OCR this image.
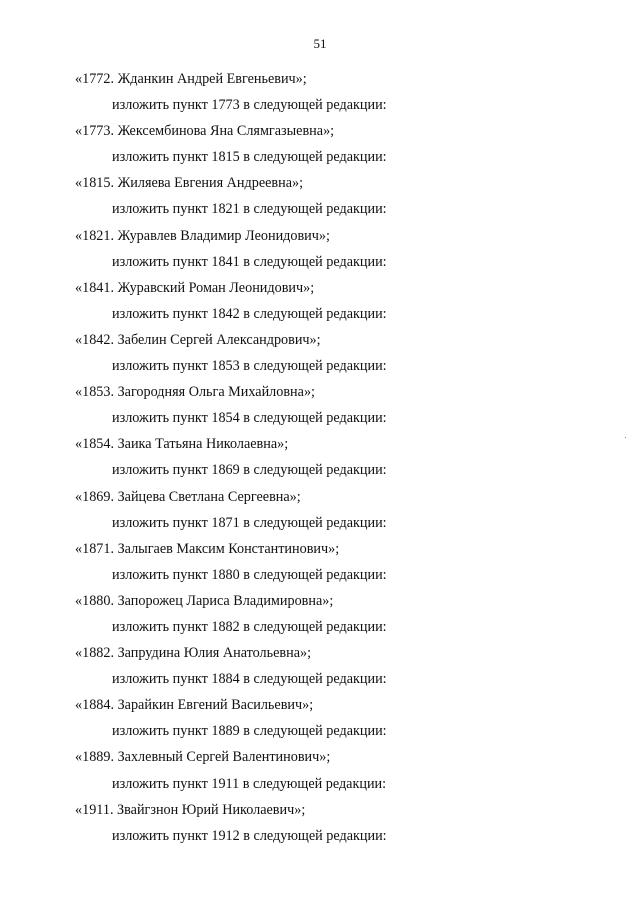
51
«1772. Жданкин Андрей Евгеньевич»;
изложить пункт 1773 в следующей редакции:
«1773. Жексембинова Яна Слямгазыевна»;
изложить пункт 1815 в следующей редакции:
«1815. Жиляева Евгения Андреевна»;
изложить пункт 1821 в следующей редакции:
«1821. Журавлев Владимир Леонидович»;
изложить пункт 1841 в следующей редакции:
«1841. Журавский Роман Леонидович»;
изложить пункт 1842 в следующей редакции:
«1842. Забелин Сергей Александрович»;
изложить пункт 1853 в следующей редакции:
«1853. Загородняя Ольга Михайловна»;
изложить пункт 1854 в следующей редакции:
«1854. Заика Татьяна Николаевна»;
изложить пункт 1869 в следующей редакции:
«1869. Зайцева Светлана Сергеевна»;
изложить пункт 1871 в следующей редакции:
«1871. Залыгаев Максим Константинович»;
изложить пункт 1880 в следующей редакции:
«1880. Запорожец Лариса Владимировна»;
изложить пункт 1882 в следующей редакции:
«1882. Запрудина Юлия Анатольевна»;
изложить пункт 1884 в следующей редакции:
«1884. Зарайкин Евгений Васильевич»;
изложить пункт 1889 в следующей редакции:
«1889. Захлевный Сергей Валентинович»;
изложить пункт 1911 в следующей редакции:
«1911. Звайгзнон Юрий Николаевич»;
изложить пункт 1912 в следующей редакции:
